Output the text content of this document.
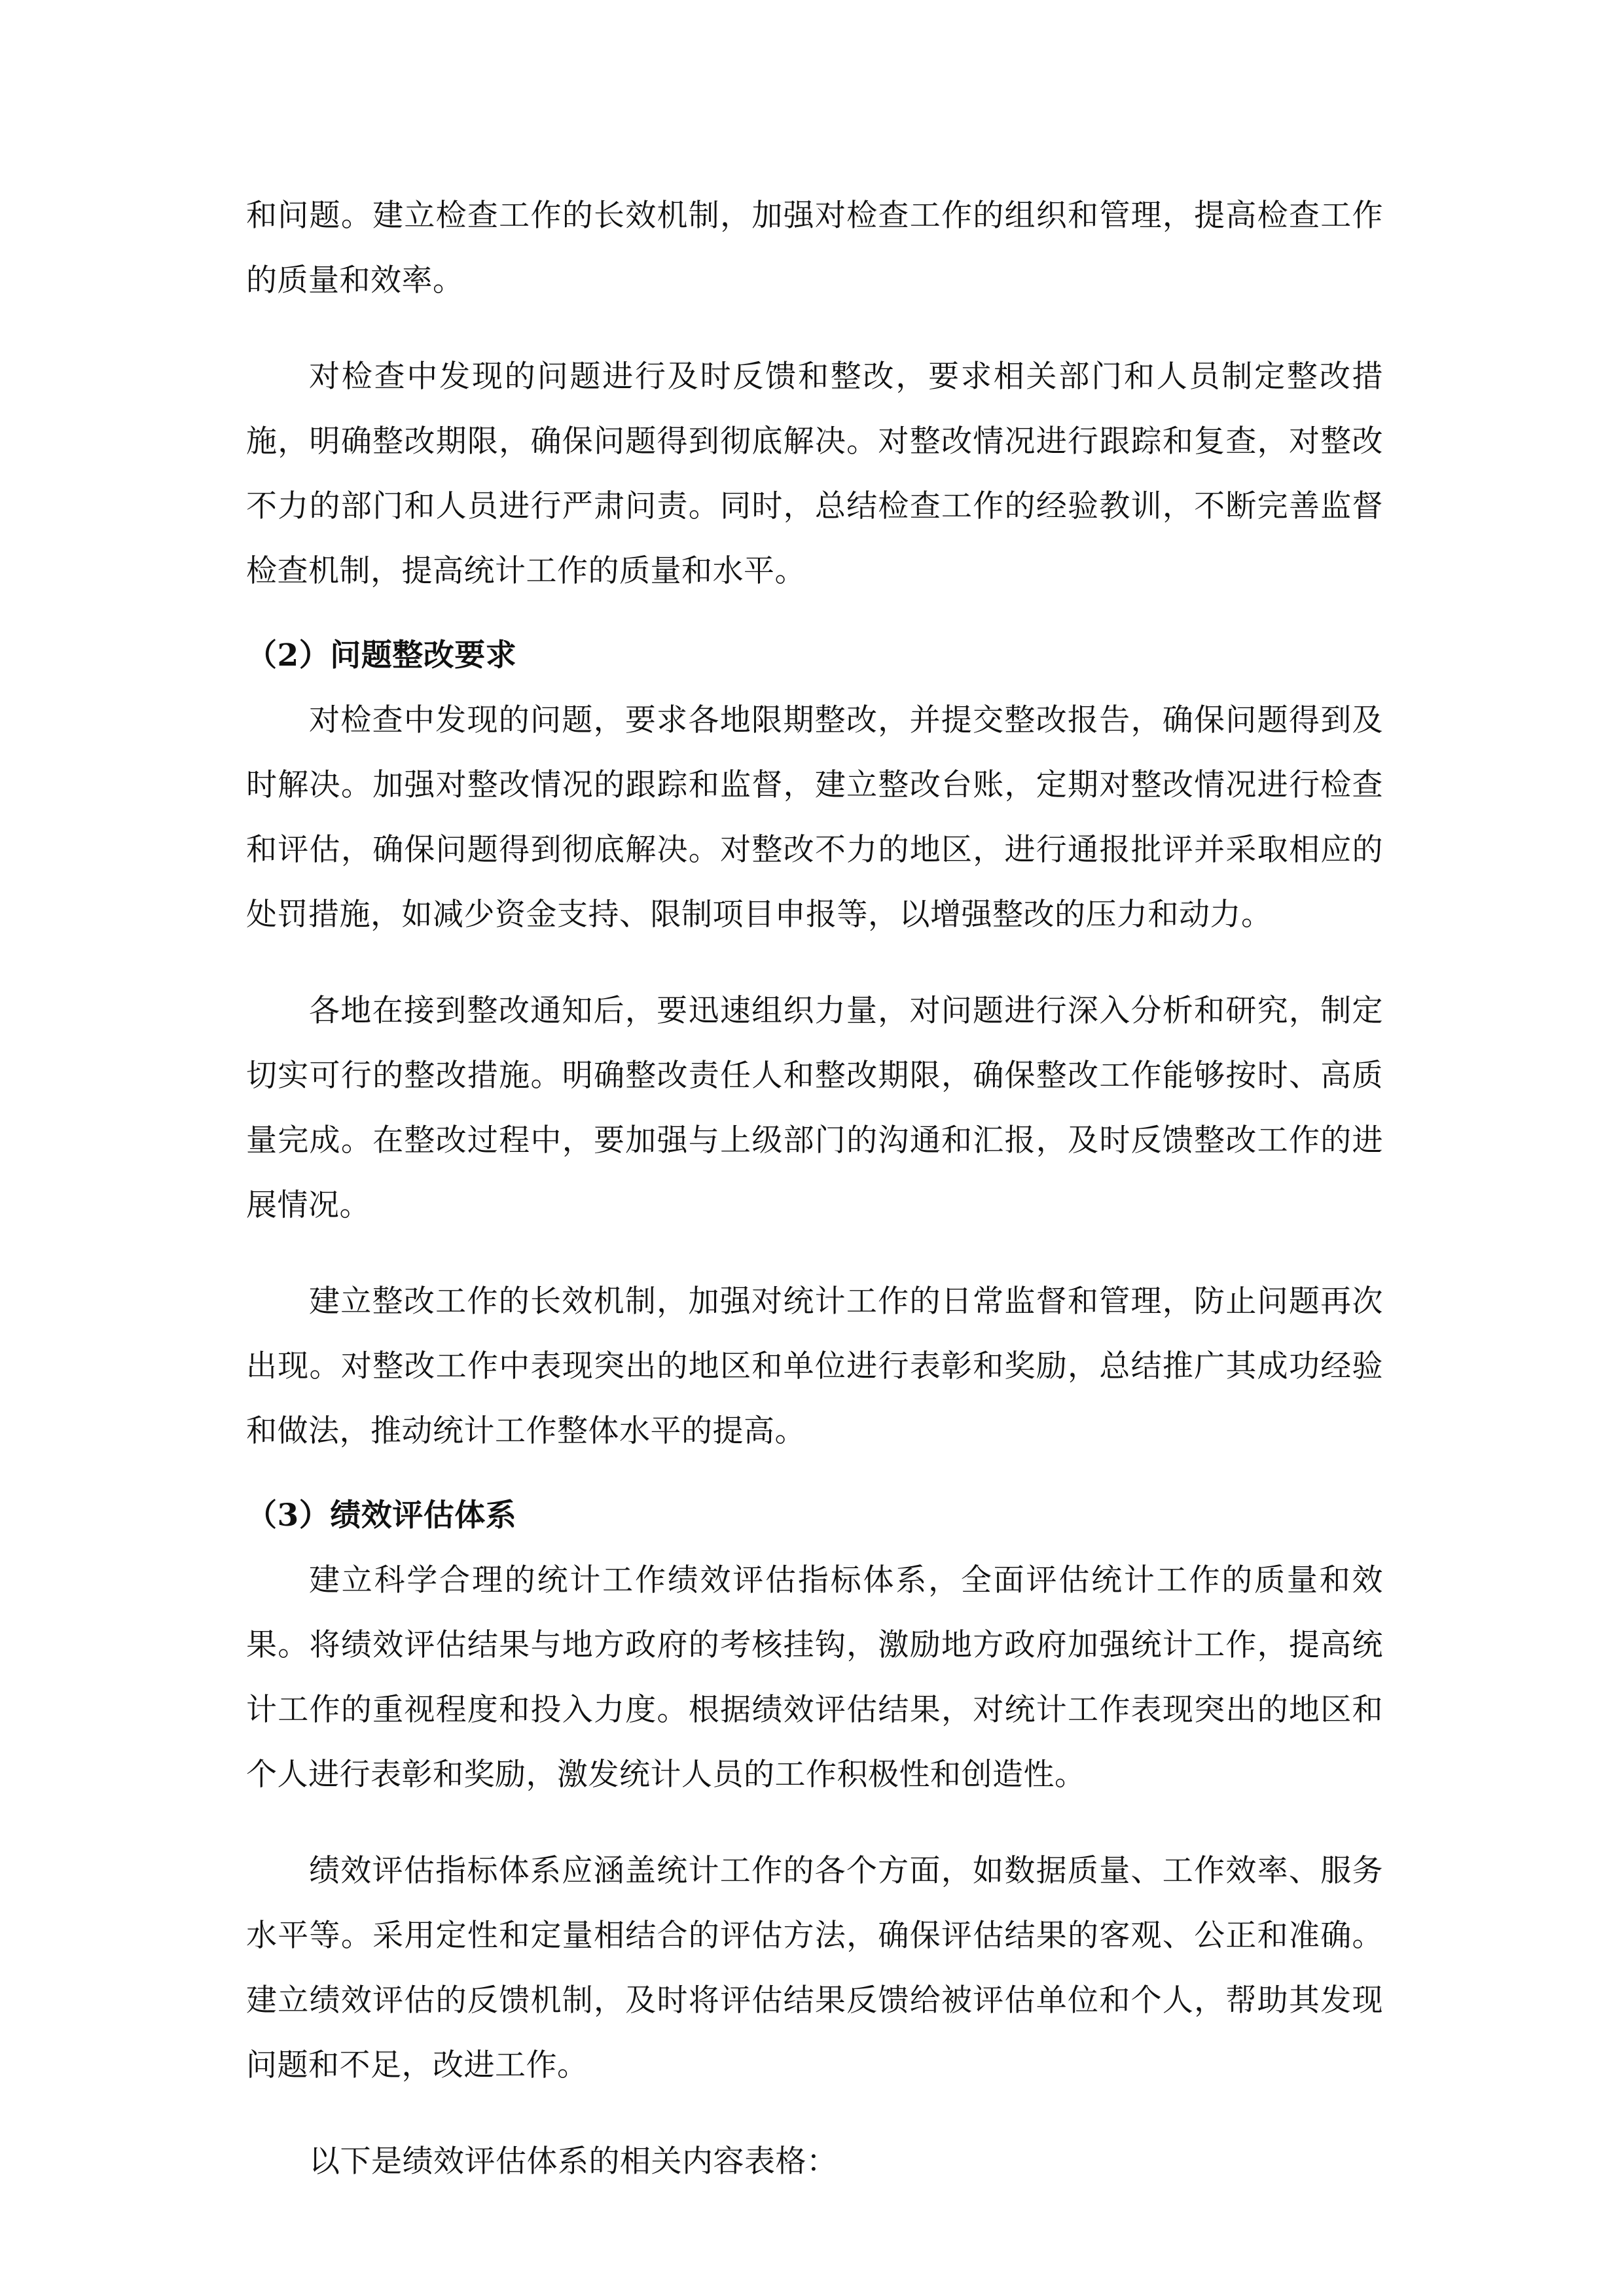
和问题。建立检查工作的长效机制，加强对检查工作的组织和管理，提高检查工作的质量和效率。

对检查中发现的问题进行及时反馈和整改，要求相关部门和人员制定整改措施，明确整改期限，确保问题得到彻底解决。对整改情况进行跟踪和复查，对整改不力的部门和人员进行严肃问责。同时，总结检查工作的经验教训，不断完善监督检查机制，提高统计工作的质量和水平。

（2）问题整改要求

对检查中发现的问题，要求各地限期整改，并提交整改报告，确保问题得到及时解决。加强对整改情况的跟踪和监督，建立整改台账，定期对整改情况进行检查和评估，确保问题得到彻底解决。对整改不力的地区，进行通报批评并采取相应的处罚措施，如减少资金支持、限制项目申报等，以增强整改的压力和动力。

各地在接到整改通知后，要迅速组织力量，对问题进行深入分析和研究，制定切实可行的整改措施。明确整改责任人和整改期限，确保整改工作能够按时、高质量完成。在整改过程中，要加强与上级部门的沟通和汇报，及时反馈整改工作的进展情况。

建立整改工作的长效机制，加强对统计工作的日常监督和管理，防止问题再次出现。对整改工作中表现突出的地区和单位进行表彰和奖励，总结推广其成功经验和做法，推动统计工作整体水平的提高。

（3）绩效评估体系

建立科学合理的统计工作绩效评估指标体系，全面评估统计工作的质量和效果。将绩效评估结果与地方政府的考核挂钩，激励地方政府加强统计工作，提高统计工作的重视程度和投入力度。根据绩效评估结果，对统计工作表现突出的地区和个人进行表彰和奖励，激发统计人员的工作积极性和创造性。

绩效评估指标体系应涵盖统计工作的各个方面，如数据质量、工作效率、服务水平等。采用定性和定量相结合的评估方法，确保评估结果的客观、公正和准确。建立绩效评估的反馈机制，及时将评估结果反馈给被评估单位和个人，帮助其发现问题和不足，改进工作。

以下是绩效评估体系的相关内容表格：
